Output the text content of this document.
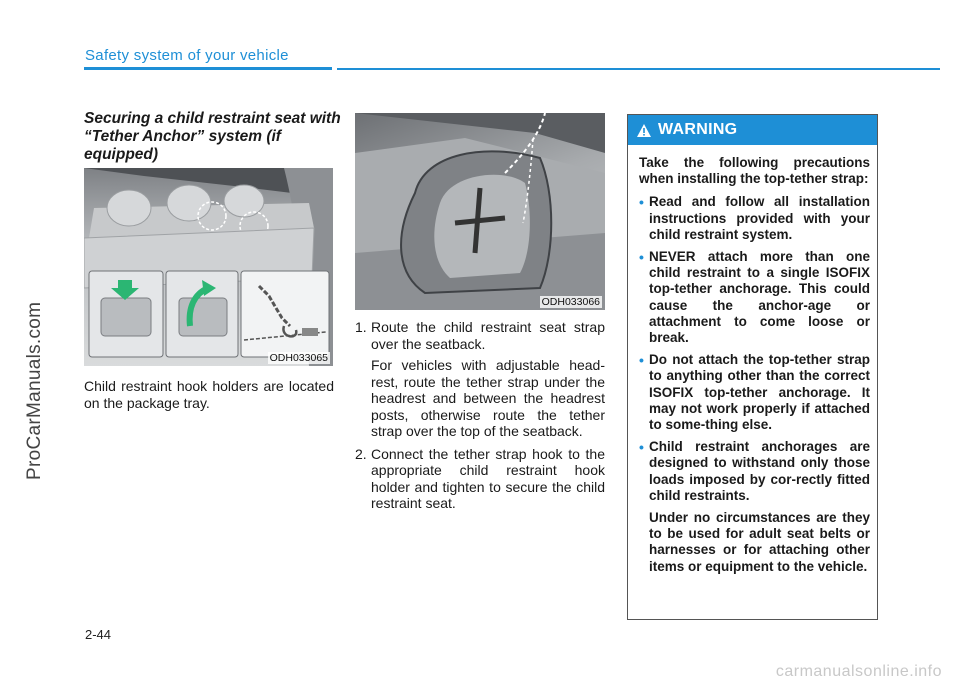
Safety system of your vehicle
ProCarManuals.com
Securing a child restraint seat with “Tether Anchor” system (if equipped)
ODH033065
Child restraint hook holders are located on the package tray.
ODH033066
1. Route the child restraint seat strap over the seatback.
For vehicles with adjustable head-rest, route the tether strap under the headrest and between the headrest posts, otherwise route the tether strap over the top of the seatback.
2. Connect the tether strap hook to the appropriate child restraint hook holder and tighten to secure the child restraint seat.
WARNING

Take the following precautions when installing the top-tether strap:

• Read and follow all installation instructions provided with your child restraint system.
• NEVER attach more than one child restraint to a single ISOFIX top-tether anchorage. This could cause the anchor-age or attachment to come loose or break.
• Do not attach the top-tether strap to anything other than the correct ISOFIX top-tether anchorage. It may not work properly if attached to some-thing else.
• Child restraint anchorages are designed to withstand only those loads imposed by cor-rectly fitted child restraints.
Under no circumstances are they to be used for adult seat belts or harnesses or for attaching other items or equipment to the vehicle.
2-44
carmanualsonline.info
